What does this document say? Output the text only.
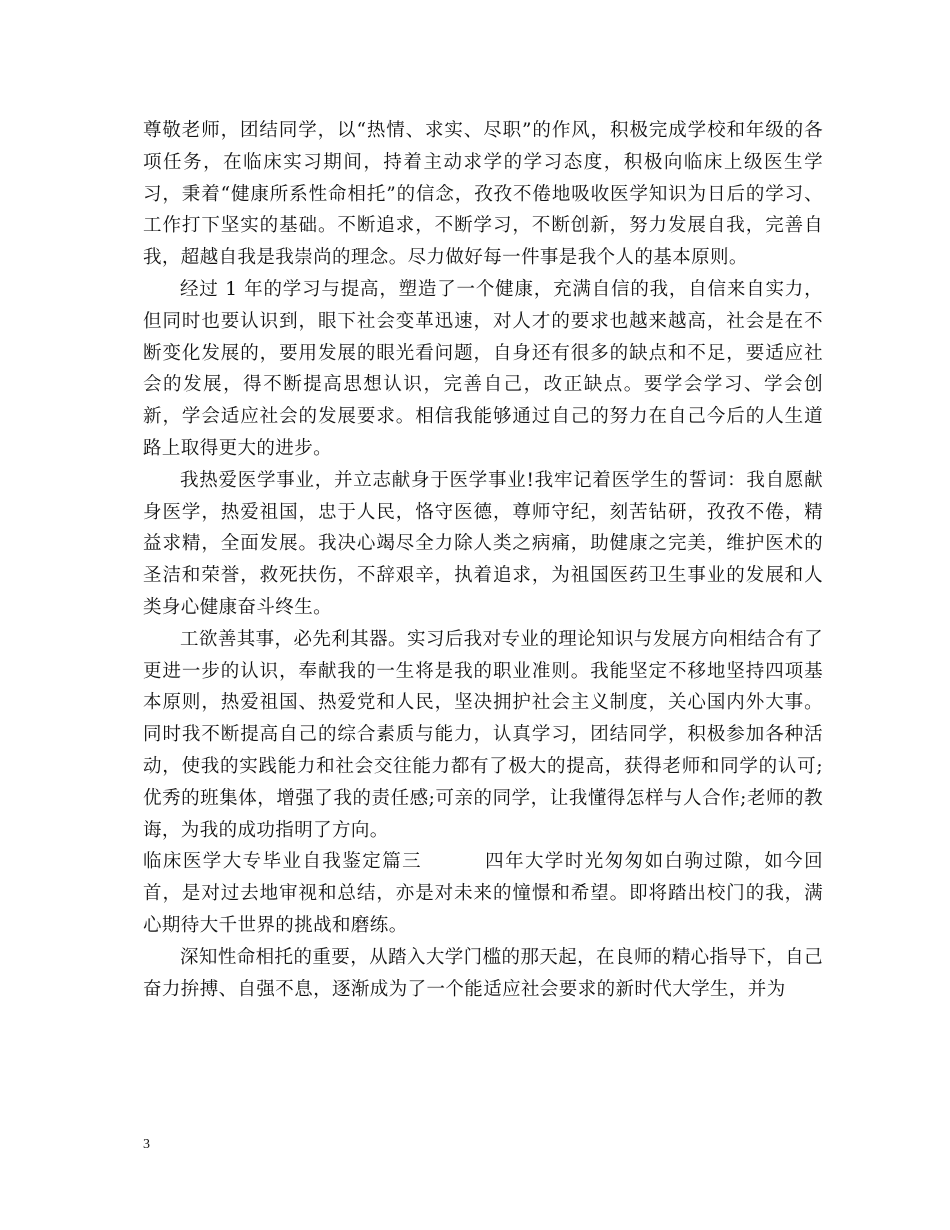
尊敬老师，团结同学，以“热情、求实、尽职”的作风，积极完成学校和年级的各项任务，在临床实习期间，持着主动求学的学习态度，积极向临床上级医生学习，秉着“健康所系性命相托”的信念，孜孜不倦地吸收医学知识为日后的学习、工作打下坚实的基础。不断追求，不断学习，不断创新，努力发展自我，完善自我，超越自我是我崇尚的理念。尽力做好每一件事是我个人的基本原则。

经过 1 年的学习与提高，塑造了一个健康，充满自信的我，自信来自实力，但同时也要认识到，眼下社会变革迅速，对人才的要求也越来越高，社会是在不断变化发展的，要用发展的眼光看问题，自身还有很多的缺点和不足，要适应社会的发展，得不断提高思想认识，完善自己，改正缺点。要学会学习、学会创新，学会适应社会的发展要求。相信我能够通过自己的努力在自己今后的人生道路上取得更大的进步。

我热爱医学事业，并立志献身于医学事业!我牢记着医学生的誓词：我自愿献身医学，热爱祖国，忠于人民，恪守医德，尊师守纪，刻苦钻研，孜孜不倦，精益求精，全面发展。我决心竭尽全力除人类之病痛，助健康之完美，维护医术的圣洁和荣誉，救死扶伤，不辞艰辛，执着追求，为祖国医药卫生事业的发展和人类身心健康奋斗终生。

工欲善其事，必先利其器。实习后我对专业的理论知识与发展方向相结合有了更进一步的认识，奉献我的一生将是我的职业准则。我能坚定不移地坚持四项基本原则，热爱祖国、热爱党和人民，坚决拥护社会主义制度，关心国内外大事。同时我不断提高自己的综合素质与能力，认真学习，团结同学，积极参加各种活动，使我的实践能力和社会交往能力都有了极大的提高，获得老师和同学的认可;优秀的班集体，增强了我的责任感;可亲的同学，让我懂得怎样与人合作;老师的教诲，为我的成功指明了方向。

临床医学大专毕业自我鉴定篇三	四年大学时光匆匆如白驹过隙，如今回首，是对过去地审视和总结，亦是对未来的憧憬和希望。即将踏出校门的我，满心期待大千世界的挑战和磨练。

深知性命相托的重要，从踏入大学门槛的那天起，在良师的精心指导下，自己奋力拚搏、自强不息，逐渐成为了一个能适应社会要求的新时代大学生，并为

3
